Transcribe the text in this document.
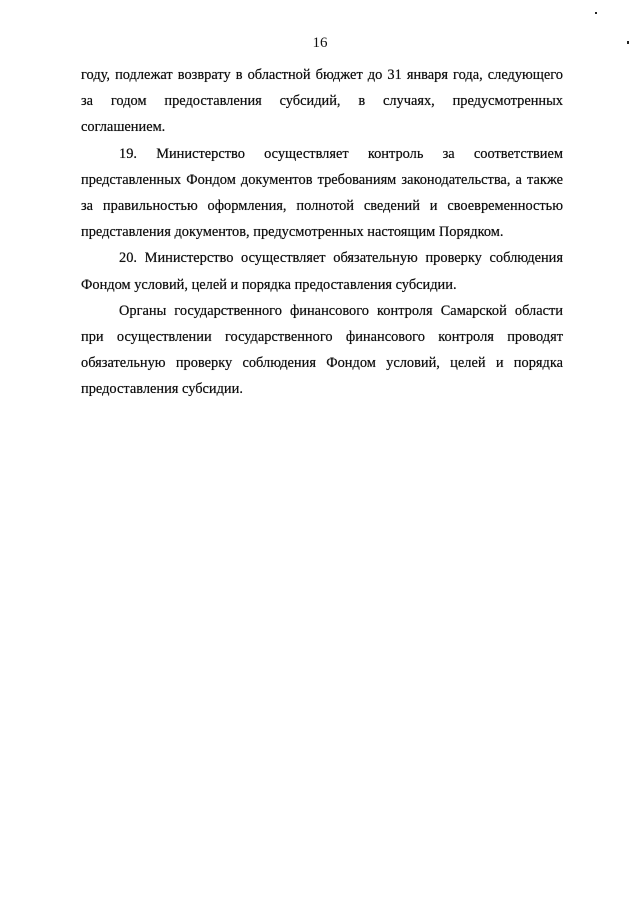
16

году, подлежат возврату в областной бюджет до 31 января года, следующего за годом предоставления субсидий, в случаях, предусмотренных соглашением.

19. Министерство осуществляет контроль за соответствием представленных Фондом документов требованиям законодательства, а также за правильностью оформления, полнотой сведений и своевременностью представления документов, предусмотренных настоящим Порядком.

20. Министерство осуществляет обязательную проверку соблюдения Фондом условий, целей и порядка предоставления субсидии.

Органы государственного финансового контроля Самарской области при осуществлении государственного финансового контроля проводят обязательную проверку соблюдения Фондом условий, целей и порядка предоставления субсидии.
